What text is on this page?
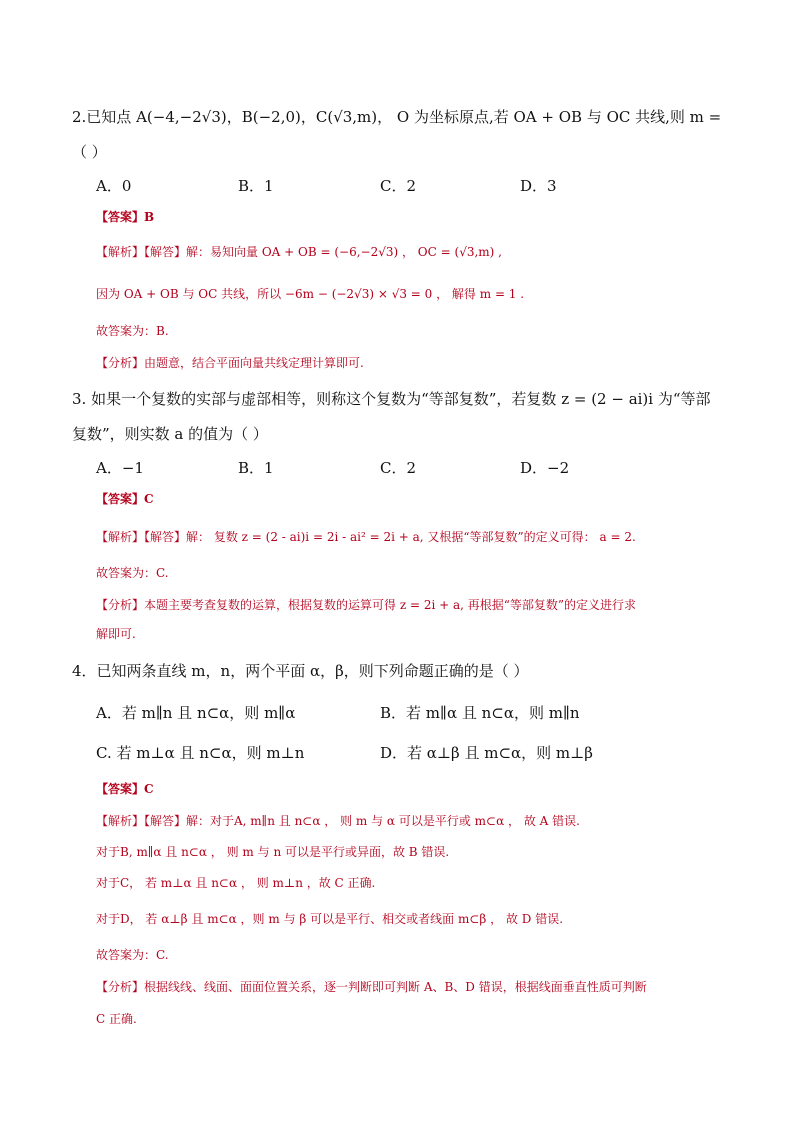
2.已知点 A(−4,−2√3)，B(−2,0)，C(√3,m)， O 为坐标原点,若 OA + OB 与 OC 共线,则 m =
（ ）
A．0	B．1	C．2	D．3
【答案】B
【解析】【解答】解：易知向量 OA + OB = (−6,−2√3) ， OC = (√3,m) ,
因为 OA + OB 与 OC 共线，所以 −6m − (−2√3) × √3 = 0 ， 解得 m = 1 .
故答案为：B.
【分析】由题意，结合平面向量共线定理计算即可.
3. 如果一个复数的实部与虚部相等，则称这个复数为“等部复数”，若复数 z = (2 − ai)i 为“等部
复数”，则实数 a 的值为（ ）
A．−1	B．1	C．2	D．−2
【答案】C
【解析】【解答】解： 复数 z = (2 - ai)i = 2i - ai² = 2i + a, 又根据“等部复数”的定义可得： a = 2.
故答案为：C.
【分析】本题主要考查复数的运算，根据复数的运算可得 z = 2i + a, 再根据“等部复数”的定义进行求
解即可.
4．已知两条直线 m，n，两个平面 α，β，则下列命题正确的是（ ）
A．若 m∥n 且 n⊂α，则 m∥α	B．若 m∥α 且 n⊂α，则 m∥n
C. 若 m⊥α 且 n⊂α，则 m⊥n	D．若 α⊥β 且 m⊂α，则 m⊥β
【答案】C
【解析】【解答】解：对于A, m∥n 且 n⊂α ， 则 m 与 α 可以是平行或 m⊂α ， 故 A 错误.
对于B, m∥α 且 n⊂α ， 则 m 与 n 可以是平行或异面，故 B 错误.
对于C， 若 m⊥α 且 n⊂α ， 则 m⊥n ，故 C 正确.
对于D， 若 α⊥β 且 m⊂α ，则 m 与 β 可以是平行、相交或者线面 m⊂β ， 故 D 错误.
故答案为：C.
【分析】根据线线、线面、面面位置关系，逐一判断即可判断 A、B、D 错误，根据线面垂直性质可判断
C 正确.
